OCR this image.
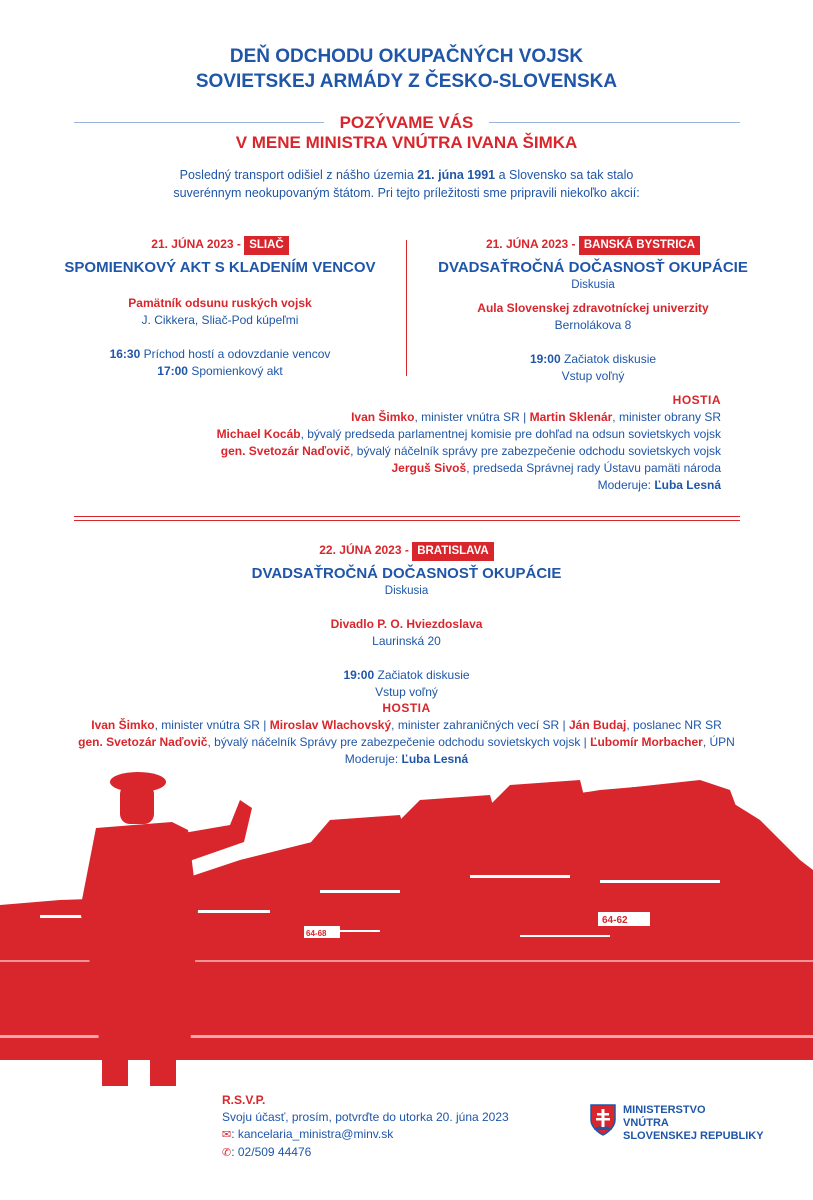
DEŇ ODCHODU OKUPAČNÝCH VOJSK
SOVIETSKEJ ARMÁDY Z ČESKO-SLOVENSKA
POZÝVAME VÁS
V MENE MINISTRA VNÚTRA IVANA ŠIMKA
Posledný transport odišiel z nášho územia 21. júna 1991 a Slovensko sa tak stalo
suverénnym neokupovaným štátom. Pri tejto príležitosti sme pripravili niekoľko akcií:
21. JÚNA 2023 - SLIAČ
SPOMIENKOVÝ AKT S KLADENÍM VENCOV
Pamätník odsunu ruských vojsk
J. Cikkera, Sliač-Pod kúpeľmi
16:30 Príchod hostí a odovzdanie vencov
17:00 Spomienkový akt
21. JÚNA 2023 - BANSKÁ BYSTRICA
DVADSAŤROČNÁ DOČASNOSŤ OKUPÁCIE
Diskusia
Aula Slovenskej zdravotníckej univerzity
Bernolákova 8
19:00 Začiatok diskusie
Vstup voľný
HOSTIA
Ivan Šimko, minister vnútra SR | Martin Sklenár, minister obrany SR
Michael Kocáb, bývalý predseda parlamentnej komisie pre dohľad na odsun sovietskych vojsk
gen. Svetozár Naďovič, bývalý náčelník správy pre zabezpečenie odchodu sovietskych vojsk
Jerguš Sivoš, predseda Správnej rady Ústavu pamäti národa
Moderuje: Ľuba Lesná
22. JÚNA 2023 - BRATISLAVA
DVADSAŤROČNÁ DOČASNOSŤ OKUPÁCIE
Diskusia
Divadlo P. O. Hviezdoslava
Laurinská 20
19:00 Začiatok diskusie
Vstup voľný
HOSTIA
Ivan Šimko, minister vnútra SR | Miroslav Wlachovský, minister zahraničných vecí SR | Ján Budaj, poslanec NR SR
gen. Svetozár Naďovič, bývalý náčelník Správy pre zabezpečenie odchodu sovietskych vojsk | Ľubomír Morbacher, ÚPN
Moderuje: Ľuba Lesná
64-62
64-68
R.S.V.P.
Svoju účasť, prosím, potvrďte do utorka 20. júna 2023
✉: kancelaria_ministra@minv.sk
✆: 02/509 44476
MINISTERSTVO
VNÚTRA
SLOVENSKEJ REPUBLIKY
